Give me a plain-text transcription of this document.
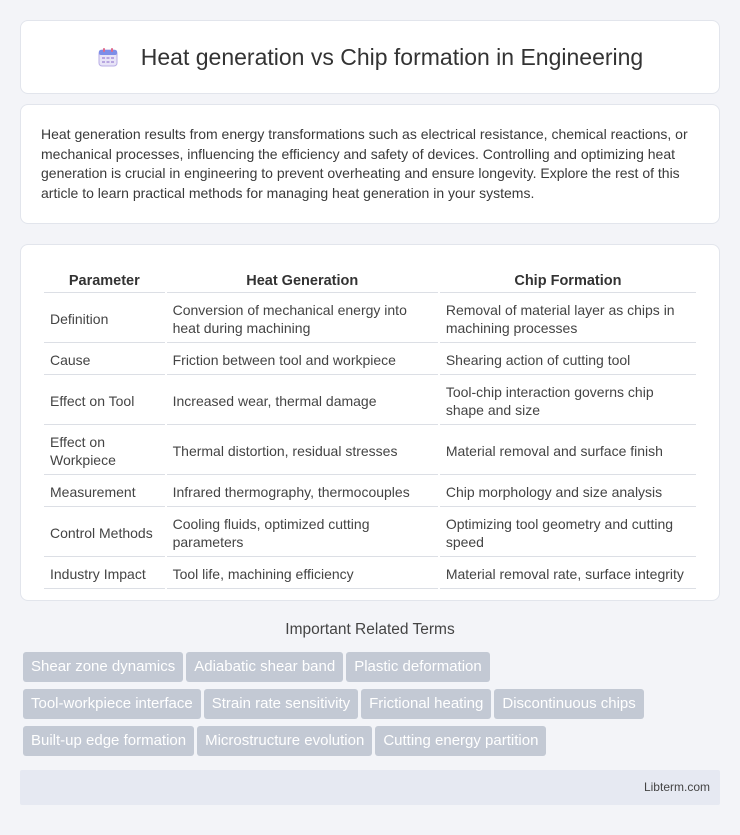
Heat generation vs Chip formation in Engineering

Heat generation results from energy transformations such as electrical resistance, chemical reactions, or mechanical processes, influencing the efficiency and safety of devices. Controlling and optimizing heat generation is crucial in engineering to prevent overheating and ensure longevity. Explore the rest of this article to learn practical methods for managing heat generation in your systems.

Parameter	Heat Generation	Chip Formation
Definition	Conversion of mechanical energy into heat during machining	Removal of material layer as chips in machining processes
Cause	Friction between tool and workpiece	Shearing action of cutting tool
Effect on Tool	Increased wear, thermal damage	Tool-chip interaction governs chip shape and size
Effect on Workpiece	Thermal distortion, residual stresses	Material removal and surface finish
Measurement	Infrared thermography, thermocouples	Chip morphology and size analysis
Control Methods	Cooling fluids, optimized cutting parameters	Optimizing tool geometry and cutting speed
Industry Impact	Tool life, machining efficiency	Material removal rate, surface integrity
Important Related Terms
Shear zone dynamics Adiabatic shear band Plastic deformation
Tool-workpiece interface Strain rate sensitivity Frictional heating Discontinuous chips
Built-up edge formation Microstructure evolution Cutting energy partition
Libterm.com
